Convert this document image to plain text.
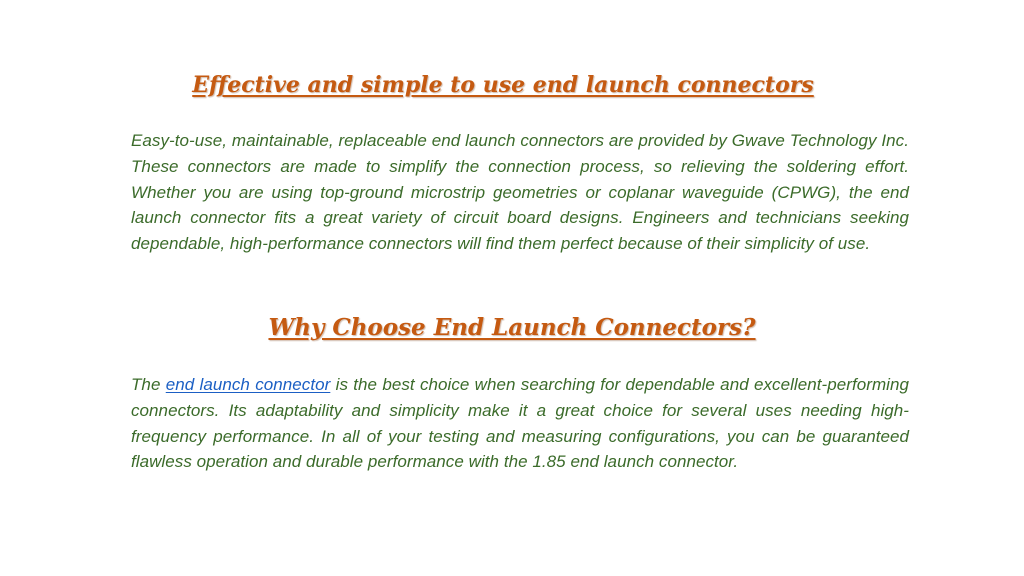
Effective and simple to use end launch connectors

Easy-to-use, maintainable, replaceable end launch connectors are provided by Gwave Technology Inc. These connectors are made to simplify the connection process, so relieving the soldering effort. Whether you are using top-ground microstrip geometries or coplanar waveguide (CPWG), the end launch connector fits a great variety of circuit board designs. Engineers and technicians seeking dependable, high-performance connectors will find them perfect because of their simplicity of use.

Why Choose End Launch Connectors?

The end launch connector is the best choice when searching for dependable and excellent-performing connectors. Its adaptability and simplicity make it a great choice for several uses needing high-frequency performance. In all of your testing and measuring configurations, you can be guaranteed flawless operation and durable performance with the 1.85 end launch connector.
